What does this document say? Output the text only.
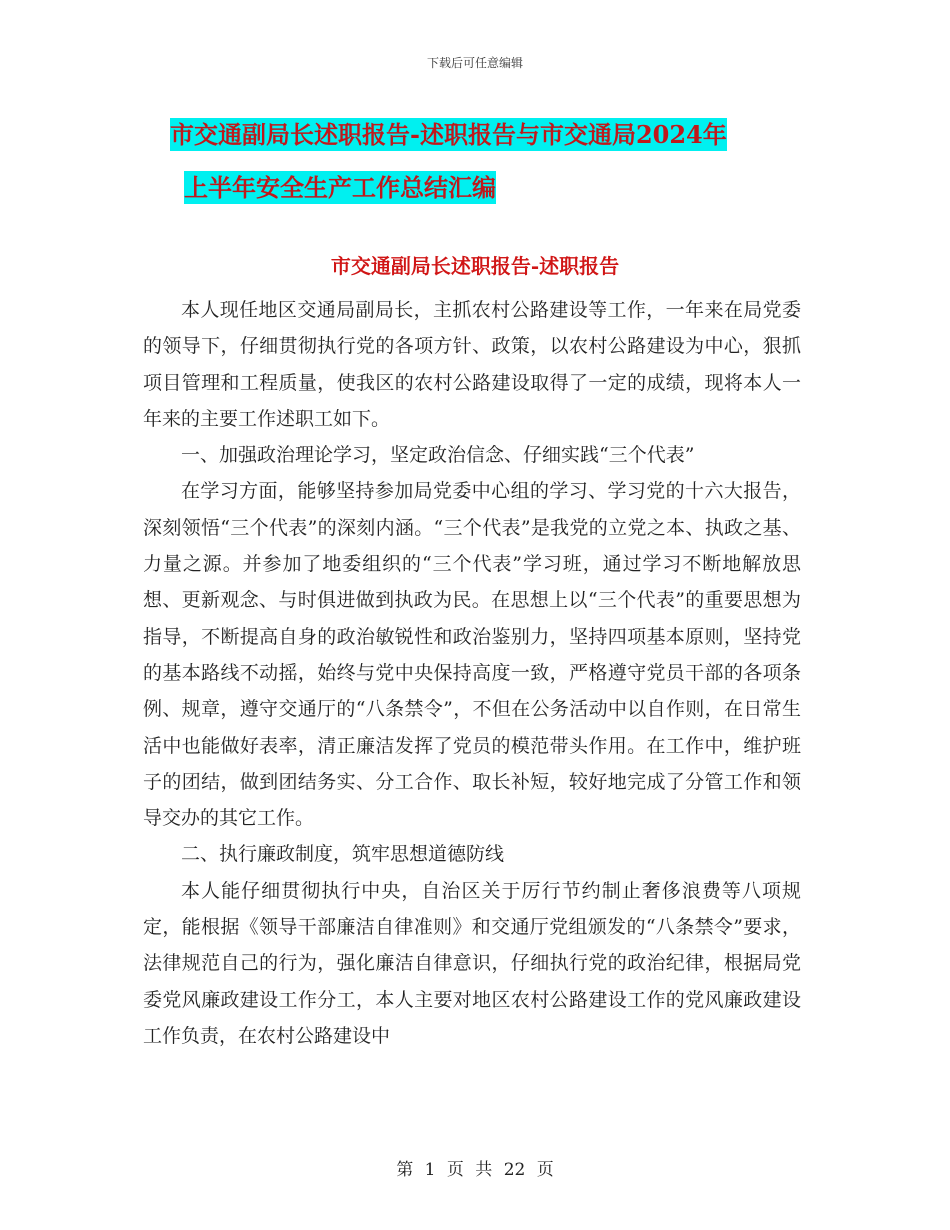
下载后可任意编辑
市交通副局长述职报告-述职报告与市交通局2024年
上半年安全生产工作总结汇编
市交通副局长述职报告-述职报告

本人现任地区交通局副局长，主抓农村公路建设等工作，一年来在局党委的领导下，仔细贯彻执行党的各项方针、政策，以农村公路建设为中心，狠抓项目管理和工程质量，使我区的农村公路建设取得了一定的成绩，现将本人一年来的主要工作述职工如下。

一、加强政治理论学习，坚定政治信念、仔细实践“三个代表”

在学习方面，能够坚持参加局党委中心组的学习、学习党的十六大报告，深刻领悟“三个代表”的深刻内涵。“三个代表”是我党的立党之本、执政之基、力量之源。并参加了地委组织的“三个代表”学习班，通过学习不断地解放思想、更新观念、与时俱进做到执政为民。在思想上以“三个代表”的重要思想为指导，不断提高自身的政治敏锐性和政治鉴别力，坚持四项基本原则，坚持党的基本路线不动摇，始终与党中央保持高度一致，严格遵守党员干部的各项条例、规章，遵守交通厅的“八条禁令”，不但在公务活动中以自作则，在日常生活中也能做好表率，清正廉洁发挥了党员的模范带头作用。在工作中，维护班子的团结，做到团结务实、分工合作、取长补短，较好地完成了分管工作和领导交办的其它工作。

二、执行廉政制度，筑牢思想道德防线

本人能仔细贯彻执行中央，自治区关于厉行节约制止奢侈浪费等八项规定，能根据《领导干部廉洁自律准则》和交通厅党组颁发的“八条禁令”要求，法律规范自己的行为，强化廉洁自律意识，仔细执行党的政治纪律，根据局党委党风廉政建设工作分工，本人主要对地区农村公路建设工作的党风廉政建设工作负责，在农村公路建设中

第 1 页 共 22 页
